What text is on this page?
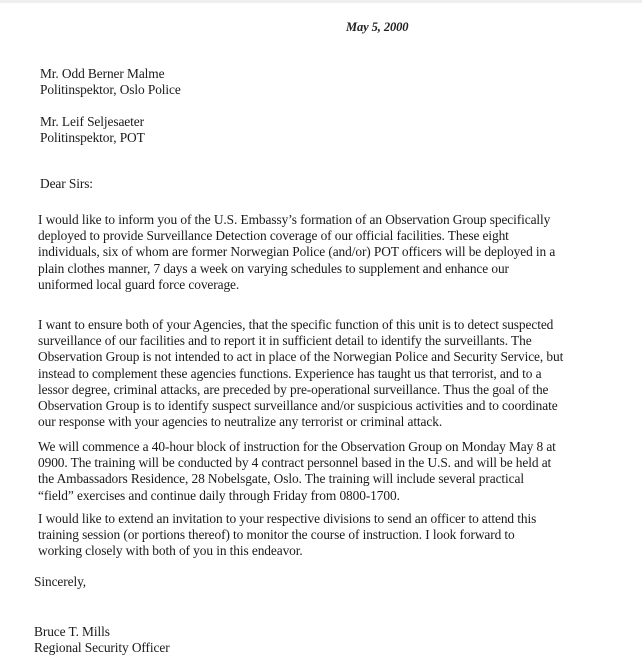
May 5, 2000
Mr. Odd Berner Malme
Politinspektor, Oslo Police
Mr. Leif Seljesaeter
Politinspektor, POT
Dear Sirs:
I would like to inform you of the U.S. Embassy’s formation of an Observation Group specifically
deployed to provide Surveillance Detection coverage of our official facilities. These eight
individuals, six of whom are former Norwegian Police (and/or) POT officers will be deployed in a
plain clothes manner, 7 days a week on varying schedules to supplement and enhance our
uniformed local guard force coverage.
I want to ensure both of your Agencies, that the specific function of this unit is to detect suspected
surveillance of our facilities and to report it in sufficient detail to identify the surveillants. The
Observation Group is not intended to act in place of the Norwegian Police and Security Service, but
instead to complement these agencies functions. Experience has taught us that terrorist, and to a
lessor degree, criminal attacks, are preceded by pre-operational surveillance. Thus the goal of the
Observation Group is to identify suspect surveillance and/or suspicious activities and to coordinate
our response with your agencies to neutralize any terrorist or criminal attack.
We will commence a 40-hour block of instruction for the Observation Group on Monday May 8 at
0900. The training will be conducted by 4 contract personnel based in the U.S. and will be held at
the Ambassadors Residence, 28 Nobelsgate, Oslo. The training will include several practical
“field” exercises and continue daily through Friday from 0800-1700.
I would like to extend an invitation to your respective divisions to send an officer to attend this
training session (or portions thereof) to monitor the course of instruction. I look forward to
working closely with both of you in this endeavor.
Sincerely,
Bruce T. Mills
Regional Security Officer
